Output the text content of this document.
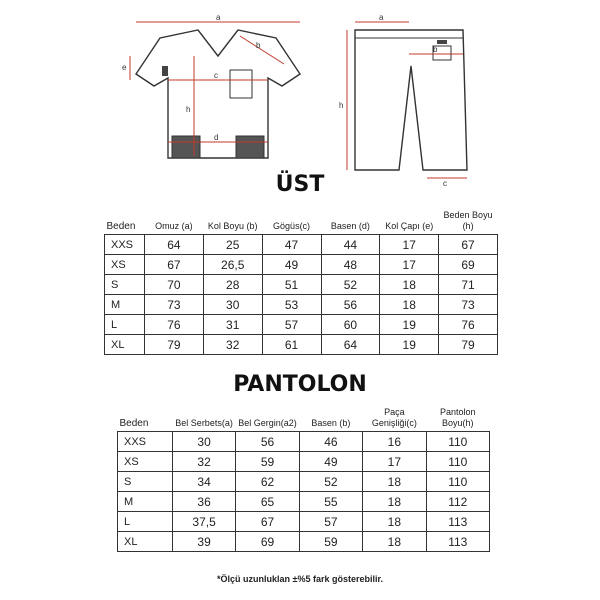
a
b
c
d
e
h
a
b
c
h
ÜST
Beden	Omuz (a)	Kol Boyu (b)	Gögüs(c)	Basen (d)	Kol Çapı (e)	Beden Boyu (h)
XXS	64	25	47	44	17	67
XS	67	26,5	49	48	17	69
S	70	28	51	52	18	71
M	73	30	53	56	18	73
L	76	31	57	60	19	76
XL	79	32	61	64	19	79
PANTOLON
Beden	Bel Serbets(a)	Bel Gergin(a2)	Basen (b)	Paça Genişliği(c)	Pantolon Boyu(h)
XXS	30	56	46	16	110
XS	32	59	49	17	110
S	34	62	52	18	110
M	36	65	55	18	112
L	37,5	67	57	18	113
XL	39	69	59	18	113
*Ölçü uzunluklan ±%5 fark gösterebilir.
